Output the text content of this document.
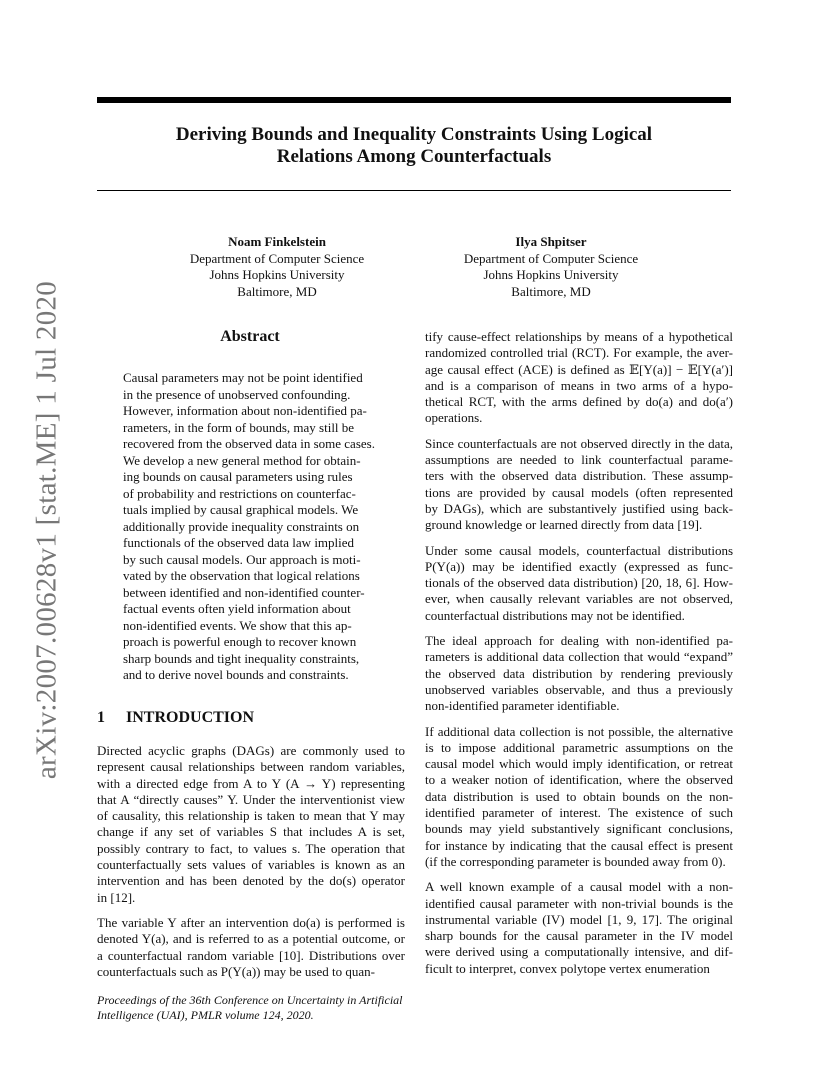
Deriving Bounds and Inequality Constraints Using Logical
Relations Among Counterfactuals
Noam Finkelstein
Department of Computer Science
Johns Hopkins University
Baltimore, MD
Ilya Shpitser
Department of Computer Science
Johns Hopkins University
Baltimore, MD
arXiv:2007.00628v1 [stat.ME] 1 Jul 2020	Abstract
Causal parameters may not be point identified
in the presence of unobserved confounding.
However, information about non-identified pa-
rameters, in the form of bounds, may still be
recovered from the observed data in some cases.
We develop a new general method for obtain-
ing bounds on causal parameters using rules
of probability and restrictions on counterfac-
tuals implied by causal graphical models. We
additionally provide inequality constraints on
functionals of the observed data law implied
by such causal models. Our approach is moti-
vated by the observation that logical relations
between identified and non-identified counter-
factual events often yield information about
non-identified events. We show that this ap-
proach is powerful enough to recover known
sharp bounds and tight inequality constraints,
and to derive novel bounds and constraints.
1 INTRODUCTION

Directed acyclic graphs (DAGs) are commonly used to
represent causal relationships between random variables,
with a directed edge from A to Y (A → Y) representing
that A “directly causes” Y. Under the interventionist view
of causality, this relationship is taken to mean that Y may
change if any set of variables S that includes A is set,
possibly contrary to fact, to values s. The operation that
counterfactually sets values of variables is known as an
intervention and has been denoted by the do(s) operator
in [12].

The variable Y after an intervention do(a) is performed is
denoted Y(a), and is referred to as a potential outcome, or
a counterfactual random variable [10]. Distributions over
counterfactuals such as P(Y(a)) may be used to quan-

tify cause-effect relationships by means of a hypothetical
randomized controlled trial (RCT). For example, the aver-
age causal effect (ACE) is defined as 𝔼[Y(a)] − 𝔼[Y(a′)]
and is a comparison of means in two arms of a hypo-
thetical RCT, with the arms defined by do(a) and do(a′)
operations.

Since counterfactuals are not observed directly in the data,
assumptions are needed to link counterfactual parame-
ters with the observed data distribution. These assump-
tions are provided by causal models (often represented
by DAGs), which are substantively justified using back-
ground knowledge or learned directly from data [19].

Under some causal models, counterfactual distributions
P(Y(a)) may be identified exactly (expressed as func-
tionals of the observed data distribution) [20, 18, 6]. How-
ever, when causally relevant variables are not observed,
counterfactual distributions may not be identified.

The ideal approach for dealing with non-identified pa-
rameters is additional data collection that would “expand”
the observed data distribution by rendering previously
unobserved variables observable, and thus a previously
non-identified parameter identifiable.

If additional data collection is not possible, the alternative
is to impose additional parametric assumptions on the
causal model which would imply identification, or retreat
to a weaker notion of identification, where the observed
data distribution is used to obtain bounds on the non-
identified parameter of interest. The existence of such
bounds may yield substantively significant conclusions,
for instance by indicating that the causal effect is present
(if the corresponding parameter is bounded away from 0).

A well known example of a causal model with a non-
identified causal parameter with non-trivial bounds is the
instrumental variable (IV) model [1, 9, 17]. The original
sharp bounds for the causal parameter in the IV model
were derived using a computationally intensive, and dif-
ficult to interpret, convex polytope vertex enumeration

Proceedings of the 36th Conference on Uncertainty in Artificial
Intelligence (UAI), PMLR volume 124, 2020.
